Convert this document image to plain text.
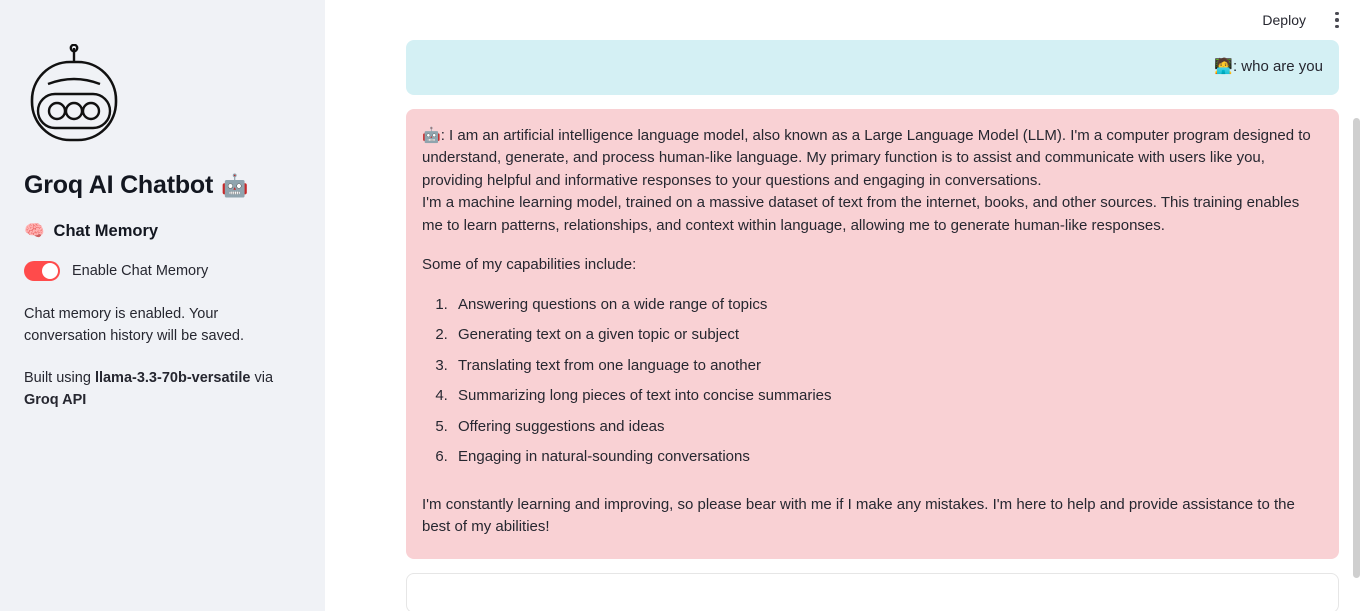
Groq AI Chatbot 🤖
🧠 Chat Memory
Enable Chat Memory
Chat memory is enabled. Your conversation history will be saved.
Built using llama-3.3-70b-versatile via Groq API
Deploy
🧑‍💻: who are you

🤖: I am an artificial intelligence language model, also known as a Large Language Model (LLM). I'm a computer program designed to understand, generate, and process human-like language. My primary function is to assist and communicate with users like you, providing helpful and informative responses to your questions and engaging in conversations.

I'm a machine learning model, trained on a massive dataset of text from the internet, books, and other sources. This training enables me to learn patterns, relationships, and context within language, allowing me to generate human-like responses.

Some of my capabilities include:

1. Answering questions on a wide range of topics
2. Generating text on a given topic or subject
3. Translating text from one language to another
4. Summarizing long pieces of text into concise summaries
5. Offering suggestions and ideas
6. Engaging in natural-sounding conversations

I'm constantly learning and improving, so please bear with me if I make any mistakes. I'm here to help and provide assistance to the best of my abilities!
